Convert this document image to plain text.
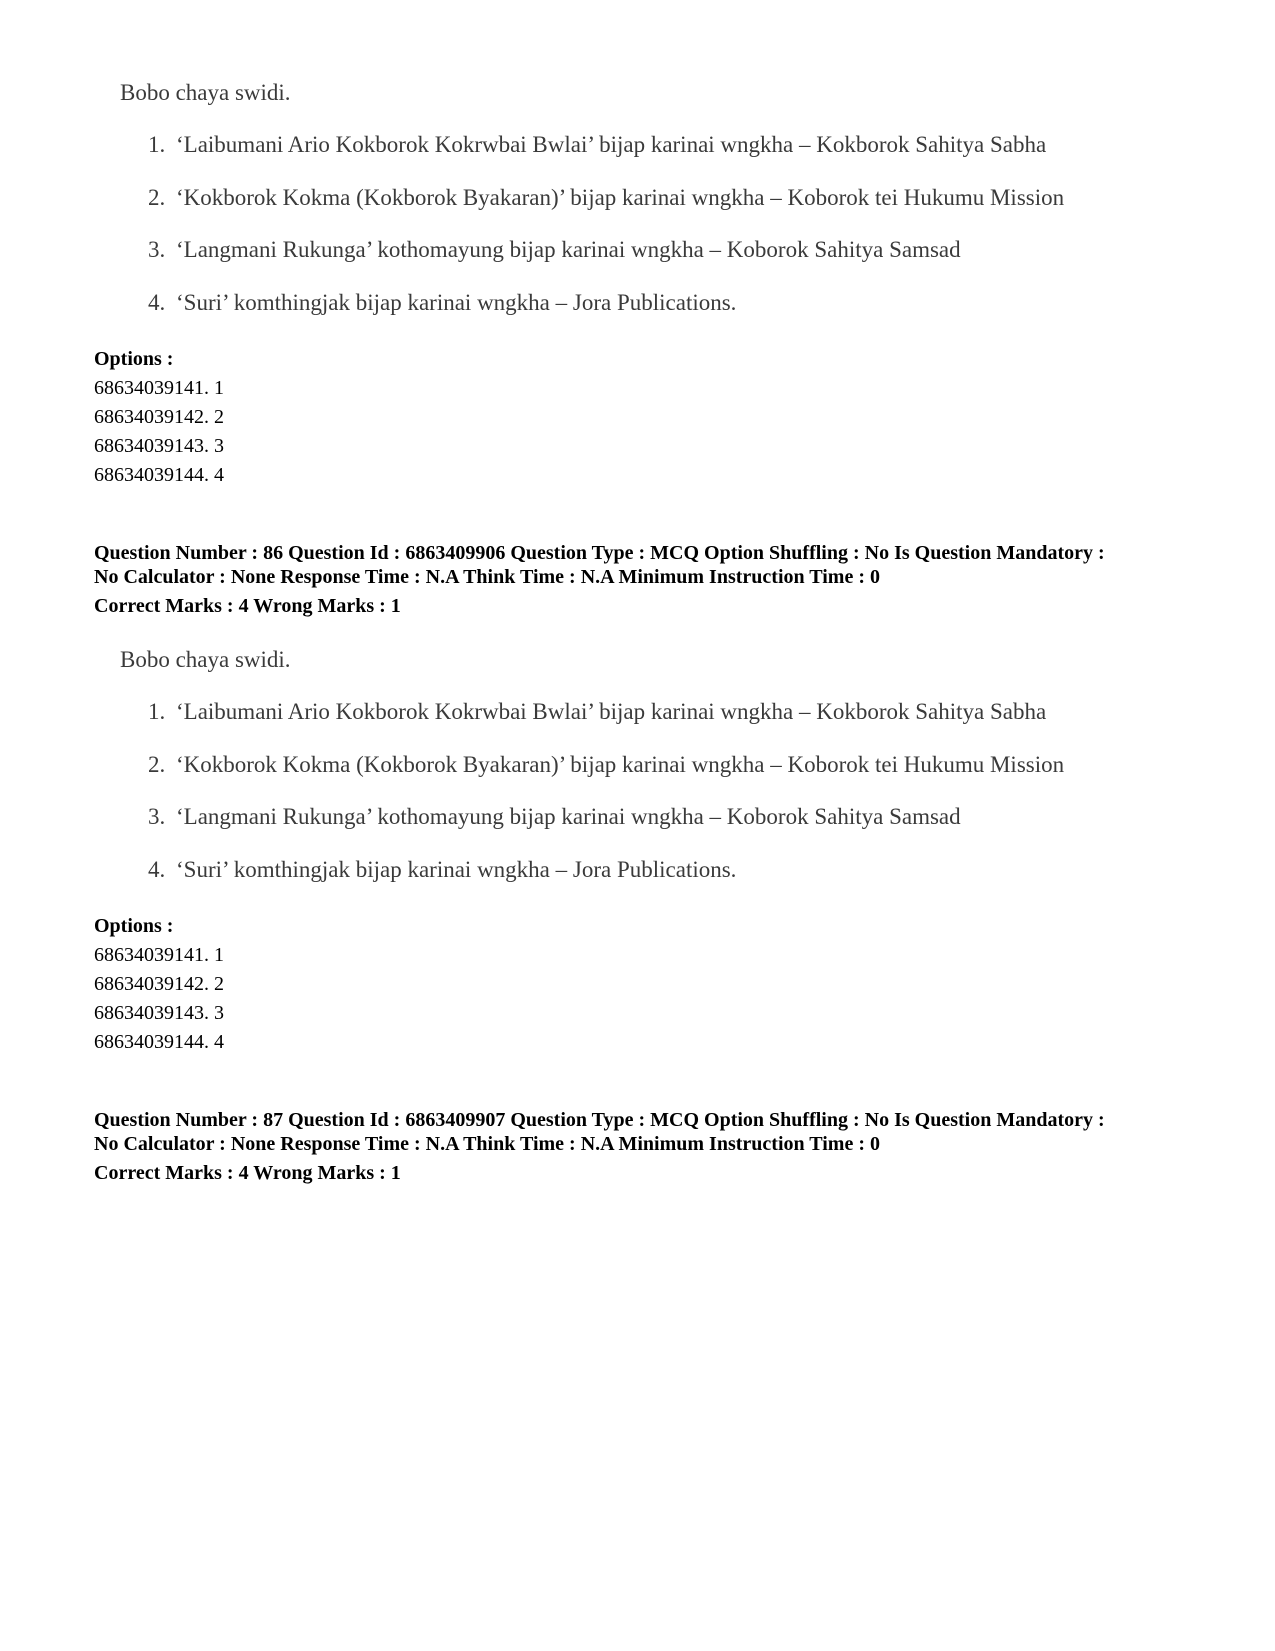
Bobo chaya swidi.
1. ‘Laibumani Ario Kokborok Kokrwbai Bwlai’ bijap karinai wngkha – Kokborok Sahitya Sabha
2. ‘Kokborok Kokma (Kokborok Byakaran)’ bijap karinai wngkha – Koborok tei Hukumu Mission
3. ‘Langmani Rukunga’ kothomayung bijap karinai wngkha – Koborok Sahitya Samsad
4. ‘Suri’ komthingjak bijap karinai wngkha – Jora Publications.
Options :
68634039141. 1
68634039142. 2
68634039143. 3
68634039144. 4
Question Number : 86 Question Id : 6863409906 Question Type : MCQ Option Shuffling : No Is Question Mandatory :
No Calculator : None Response Time : N.A Think Time : N.A Minimum Instruction Time : 0
Correct Marks : 4 Wrong Marks : 1
Bobo chaya swidi.
1. ‘Laibumani Ario Kokborok Kokrwbai Bwlai’ bijap karinai wngkha – Kokborok Sahitya Sabha
2. ‘Kokborok Kokma (Kokborok Byakaran)’ bijap karinai wngkha – Koborok tei Hukumu Mission
3. ‘Langmani Rukunga’ kothomayung bijap karinai wngkha – Koborok Sahitya Samsad
4. ‘Suri’ komthingjak bijap karinai wngkha – Jora Publications.
Options :
68634039141. 1
68634039142. 2
68634039143. 3
68634039144. 4
Question Number : 87 Question Id : 6863409907 Question Type : MCQ Option Shuffling : No Is Question Mandatory :
No Calculator : None Response Time : N.A Think Time : N.A Minimum Instruction Time : 0
Correct Marks : 4 Wrong Marks : 1
